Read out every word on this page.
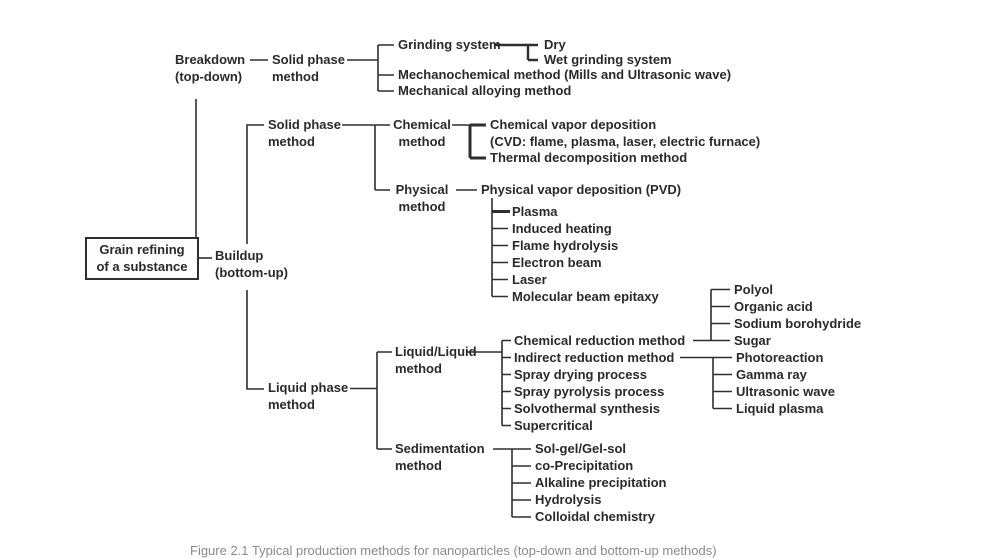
Grain refining
of a substance
Breakdown
(top-down)
Solid phase
method
Grinding system	Dry
Wet grinding system
Mechanochemical method (Mills and Ultrasonic wave)
Mechanical alloying method
Buildup
(bottom-up)
Solid phase
method
Chemical
method
Chemical vapor deposition
(CVD: flame, plasma, laser, electric furnace)
Thermal decomposition method
Physical
method
Physical vapor deposition (PVD)
Plasma
Induced heating
Flame hydrolysis
Electron beam
Laser
Molecular beam epitaxy
Liquid phase
method
Liquid/Liquid
method
Chemical reduction method
Indirect reduction method
Spray drying process
Spray pyrolysis process
Solvothermal synthesis
Supercritical
Polyol
Organic acid
Sodium borohydride
Sugar
Photoreaction
Gamma ray
Ultrasonic wave
Liquid plasma
Sedimentation
method
Sol-gel/Gel-sol
co-Precipitation
Alkaline precipitation
Hydrolysis
Colloidal chemistry
Figure 2.1 Typical production methods for nanoparticles (top-down and bottom-up methods)
